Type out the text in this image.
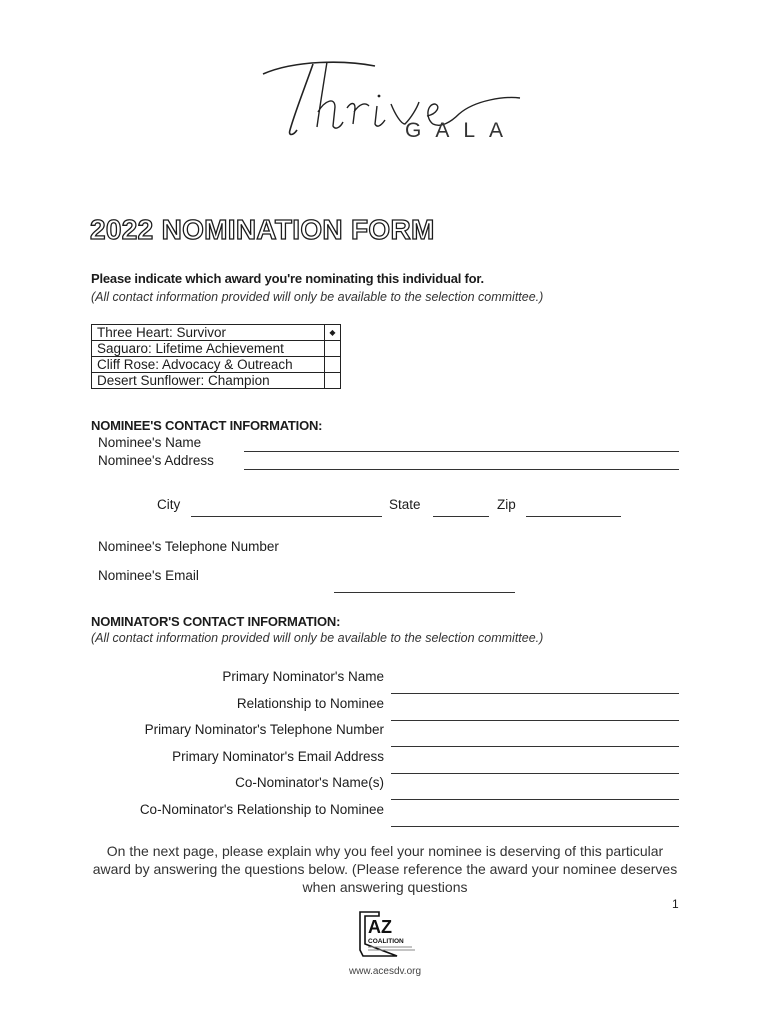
GALA
2022 NOMINATION FORM
Please indicate which award you're nominating this individual for.
(All contact information provided will only be available to the selection committee.)
Three Heart: Survivor	◆
Saguaro: Lifetime Achievement	
Cliff Rose: Advocacy & Outreach	
Desert Sunflower: Champion	
NOMINEE'S CONTACT INFORMATION:
Nominee's Name
Nominee's Address
City	State	Zip
Nominee's Telephone Number
Nominee's Email
NOMINATOR'S CONTACT INFORMATION:
(All contact information provided will only be available to the selection committee.)
Primary Nominator's Name
Relationship to Nominee
Primary Nominator's Telephone Number
Primary Nominator's Email Address
Co-Nominator's Name(s)
Co-Nominator's Relationship to Nominee
On the next page, please explain why you feel your nominee is deserving of this particular award by answering the questions below. (Please reference the award your nominee deserves when answering questions
1
AZ
COALITION
www.acesdv.org
